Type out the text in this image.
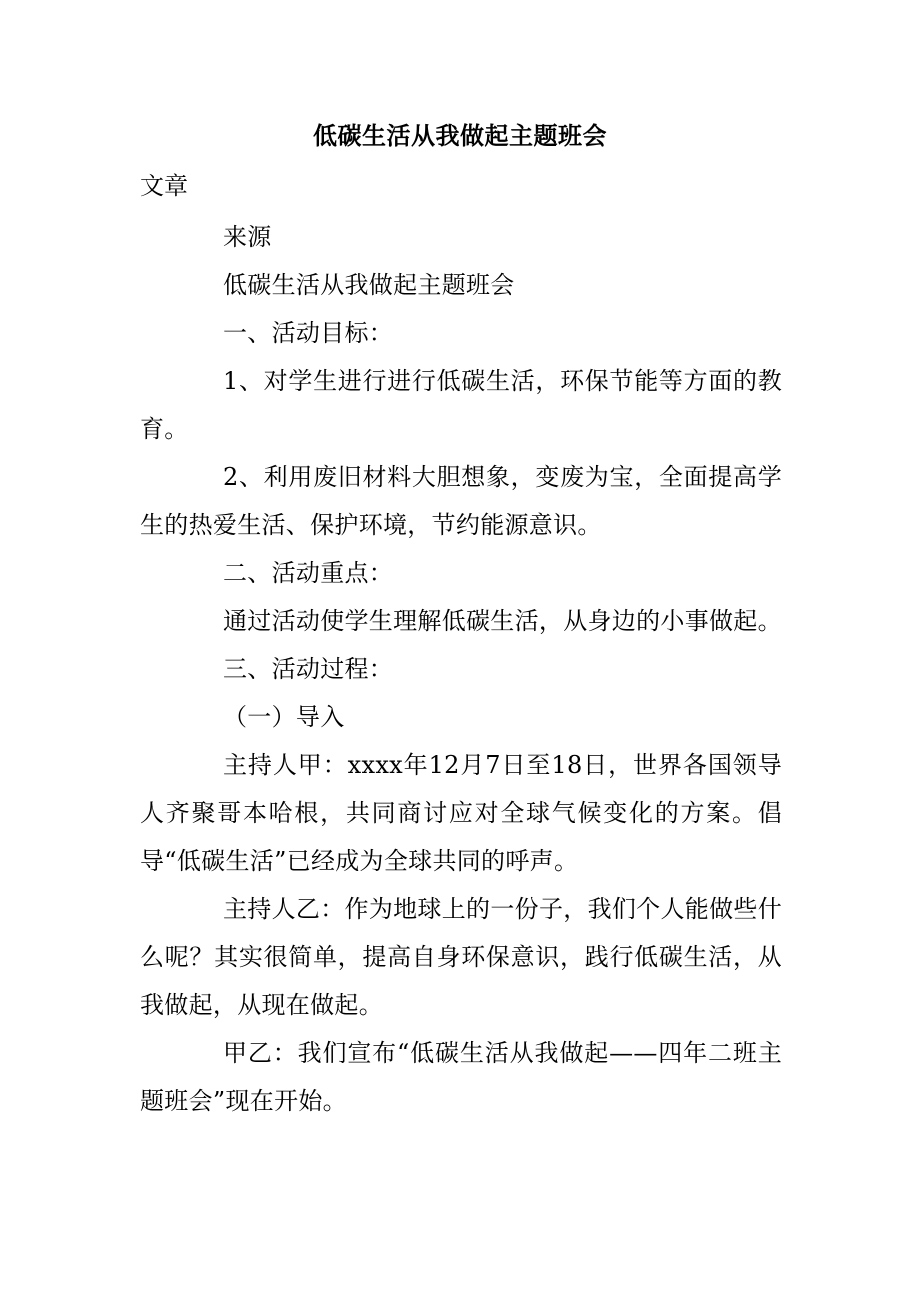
低碳生活从我做起主题班会
文章

来源

低碳生活从我做起主题班会

一、活动目标：

1、对学生进行进行低碳生活，环保节能等方面的教育。

2、利用废旧材料大胆想象，变废为宝，全面提高学生的热爱生活、保护环境，节约能源意识。

二、活动重点：

通过活动使学生理解低碳生活，从身边的小事做起。

三、活动过程：

（一）导入

主持人甲：xxxx年12月7日至18日，世界各国领导人齐聚哥本哈根，共同商讨应对全球气候变化的方案。倡导“低碳生活”已经成为全球共同的呼声。

主持人乙：作为地球上的一份子，我们个人能做些什么呢？其实很简单，提高自身环保意识，践行低碳生活，从我做起，从现在做起。

甲乙：我们宣布“低碳生活从我做起——四年二班主题班会”现在开始。
